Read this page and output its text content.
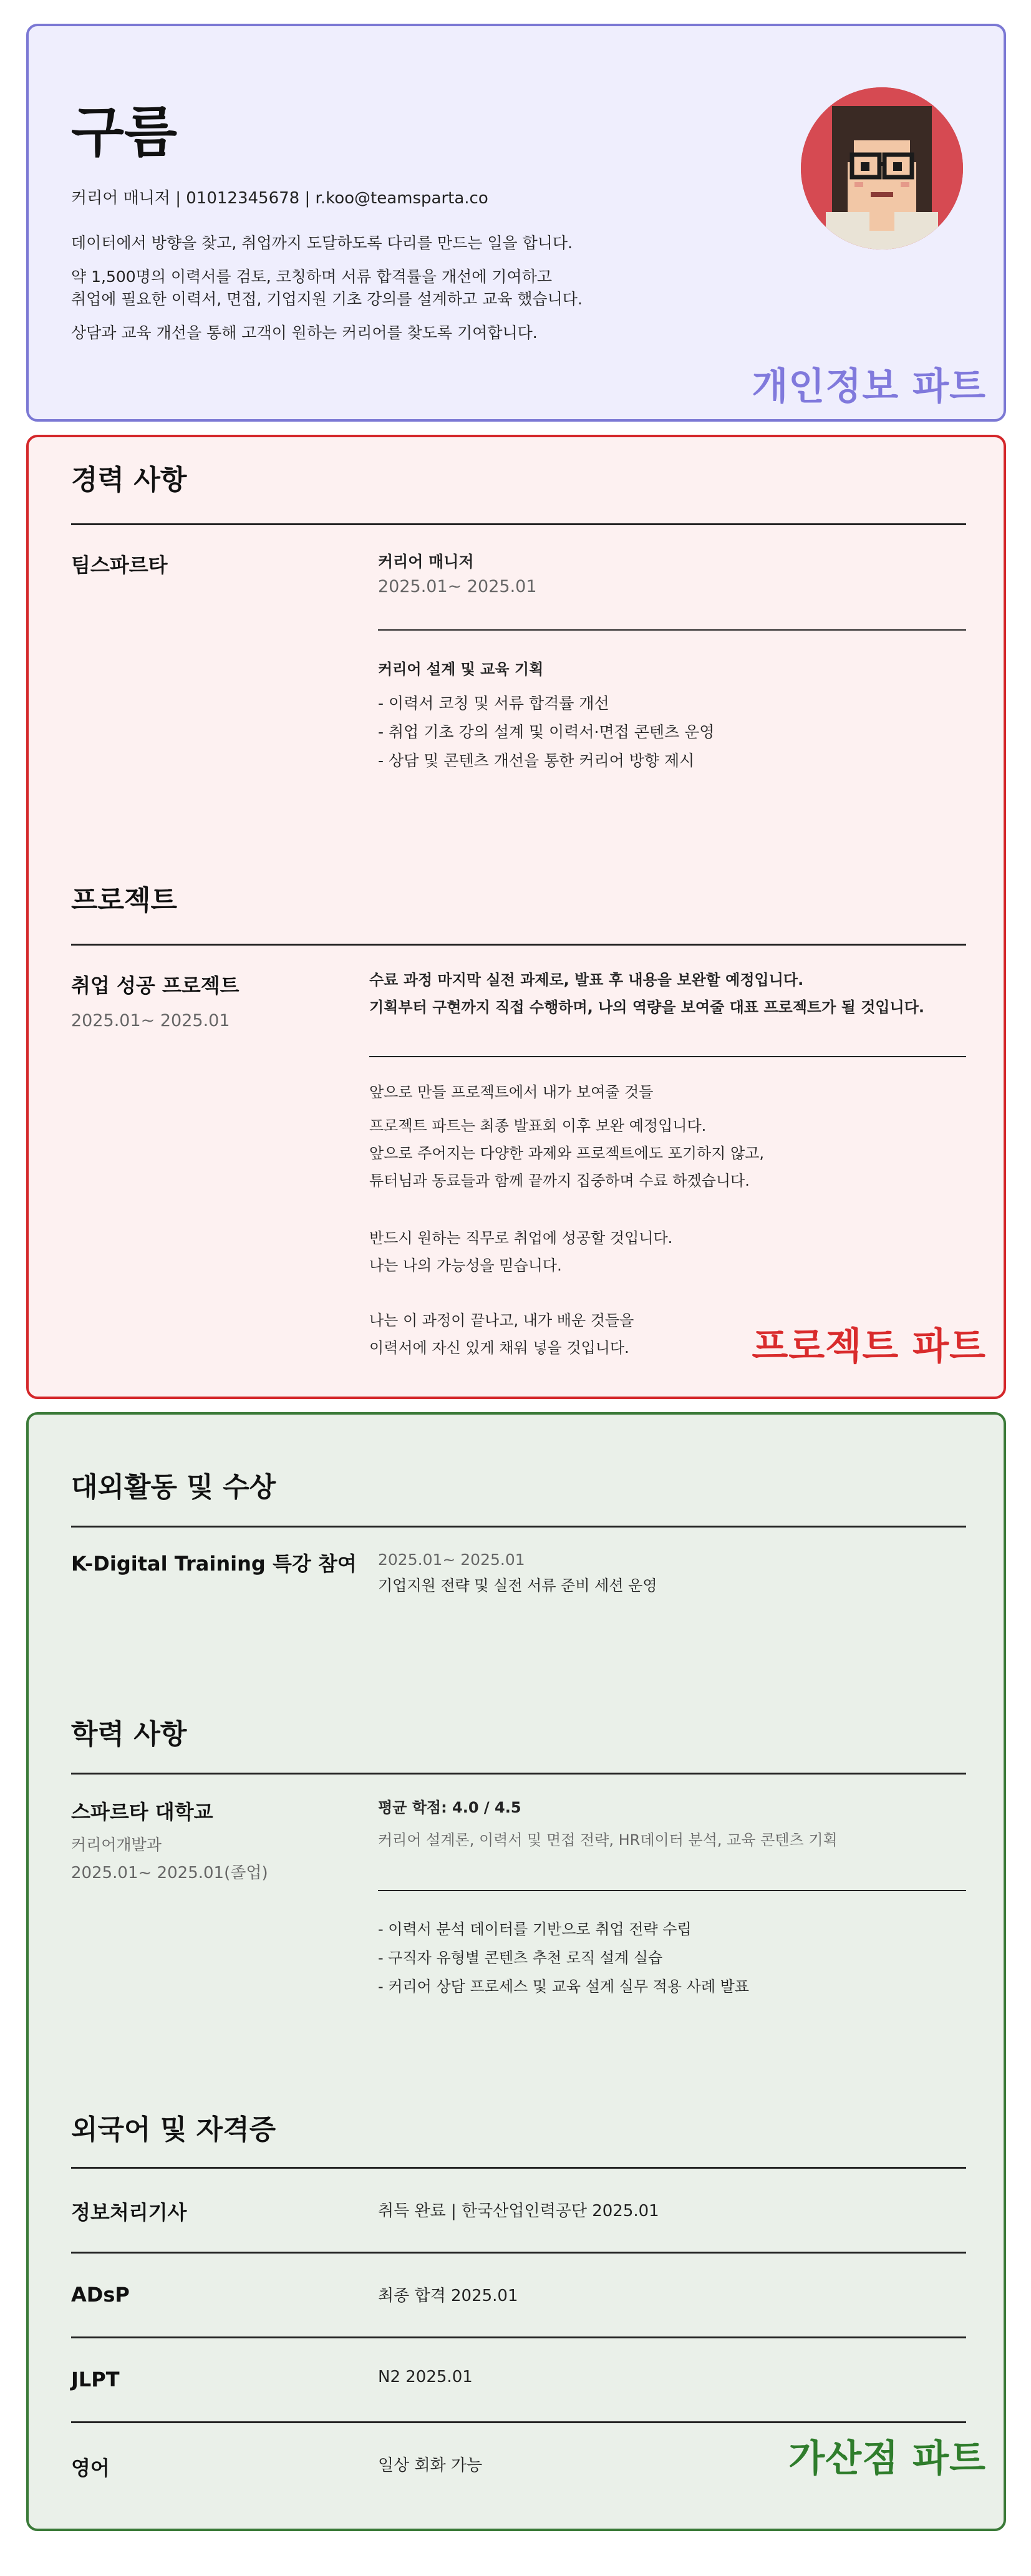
구름
커리어 매니저 | 01012345678 | r.koo@teamsparta.co

데이터에서 방향을 찾고, 취업까지 도달하도록 다리를 만드는 일을 합니다.

약 1,500명의 이력서를 검토, 코칭하며 서류 합격률을 개선에 기여하고

취업에 필요한 이력서, 면접, 기업지원 기초 강의를 설계하고 교육 했습니다.

상담과 교육 개선을 통해 고객이 원하는 커리어를 찾도록 기여합니다.

개인정보 파트
경력 사항
팀스파르타	커리어 매니저
2025.01~ 2025.01
커리어 설계 및 교육 기획
- 이력서 코칭 및 서류 합격률 개선
- 취업 기초 강의 설계 및 이력서·면접 콘텐츠 운영
- 상담 및 콘텐츠 개선을 통한 커리어 방향 제시
프로젝트
취업 성공 프로젝트
2025.01~ 2025.01
수료 과정 마지막 실전 과제로, 발표 후 내용을 보완할 예정입니다.
기획부터 구현까지 직접 수행하며, 나의 역량을 보여줄 대표 프로젝트가 될 것입니다.
앞으로 만들 프로젝트에서 내가 보여줄 것들
프로젝트 파트는 최종 발표회 이후 보완 예정입니다.
앞으로 주어지는 다양한 과제와 프로젝트에도 포기하지 않고,
튜터님과 동료들과 함께 끝까지 집중하며 수료 하겠습니다.
반드시 원하는 직무로 취업에 성공할 것입니다.
나는 나의 가능성을 믿습니다.
나는 이 과정이 끝나고, 내가 배운 것들을
이력서에 자신 있게 채워 넣을 것입니다.	프로젝트 파트
대외활동 및 수상
K-Digital Training 특강 참여 2025.01~ 2025.01
기업지원 전략 및 실전 서류 준비 세션 운영
학력 사항
스파르타 대학교
커리어개발과
2025.01~ 2025.01(졸업)
평균 학점: 4.0 / 4.5
커리어 설계론, 이력서 및 면접 전략, HR데이터 분석, 교육 콘텐츠 기획
- 이력서 분석 데이터를 기반으로 취업 전략 수립
- 구직자 유형별 콘텐츠 추천 로직 설계 실습
- 커리어 상담 프로세스 및 교육 설계 실무 적용 사례 발표
외국어 및 자격증
정보처리기사	취득 완료 | 한국산업인력공단 2025.01
ADsP	최종 합격 2025.01
JLPT	N2 2025.01
영어	일상 회화 가능	가산점 파트
